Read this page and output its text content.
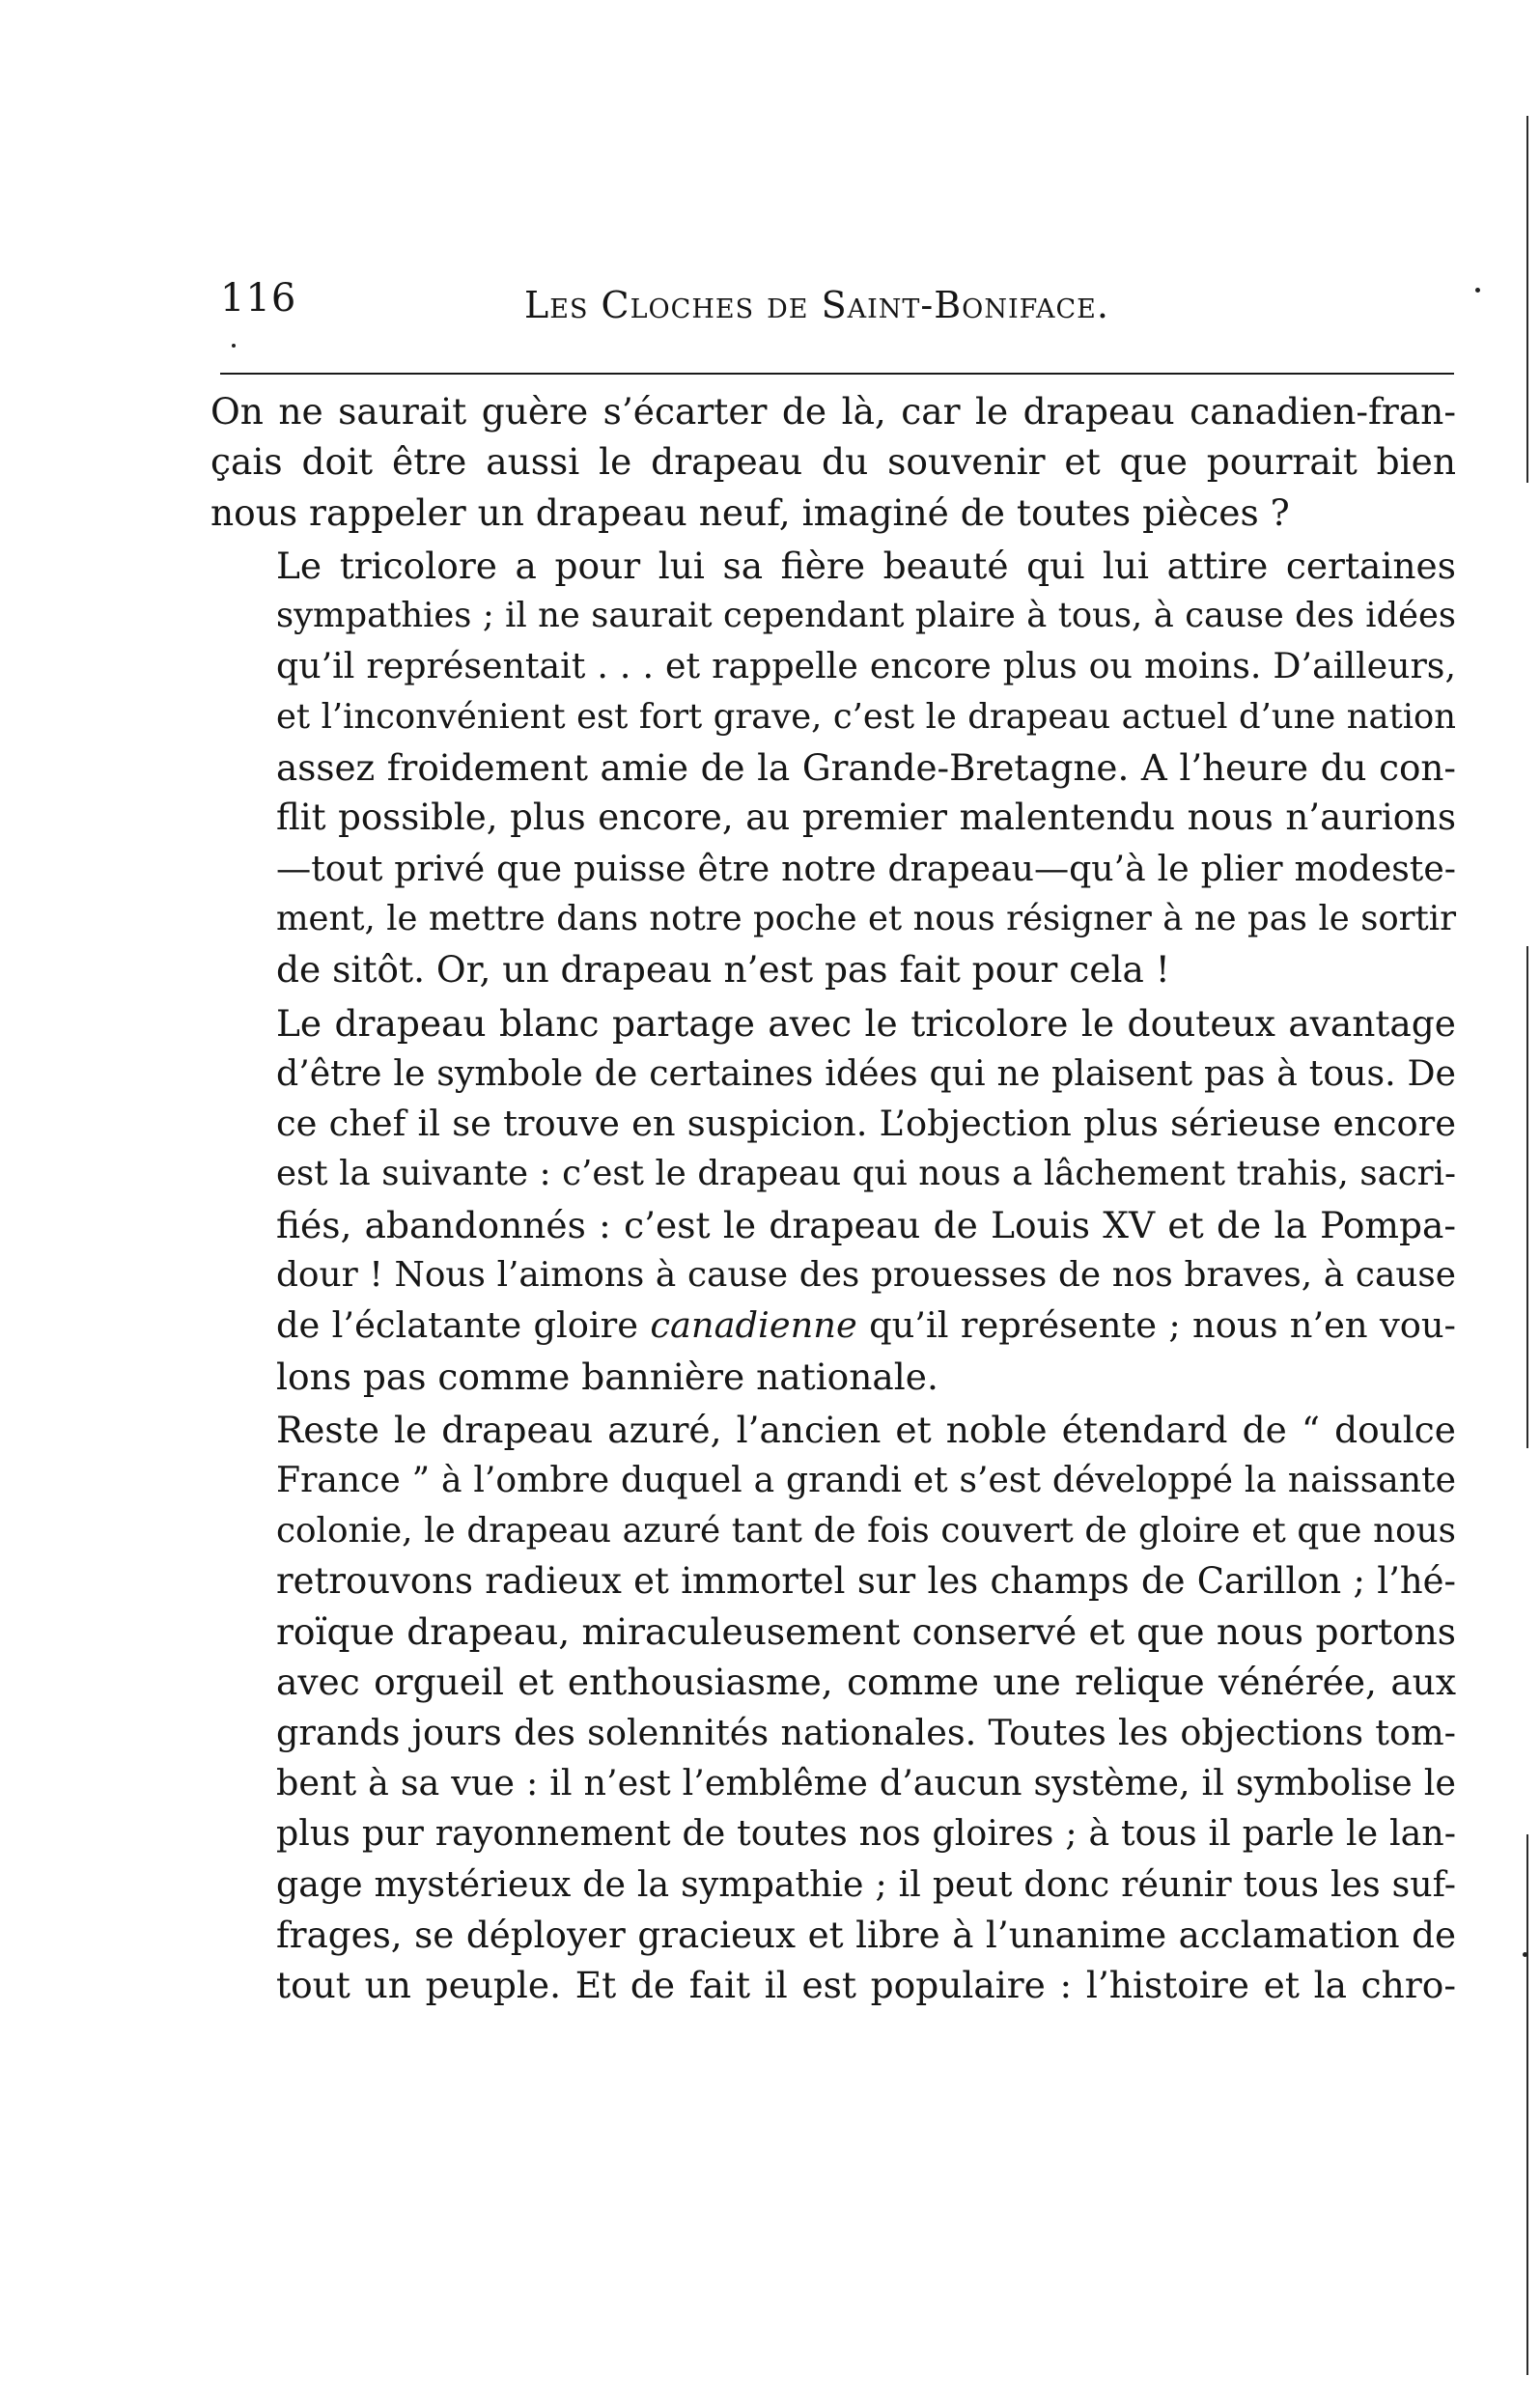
116	Les Cloches de Saint-Boniface.
On ne saurait guère s’écarter de là, car le drapeau canadien-fran-
çais doit être aussi le drapeau du souvenir et que pourrait bien
nous rappeler un drapeau neuf, imaginé de toutes pièces ?
Le tricolore a pour lui sa fière beauté qui lui attire certaines
sympathies ; il ne saurait cependant plaire à tous, à cause des idées
qu’il représentait . . . et rappelle encore plus ou moins. D’ailleurs,
et l’inconvénient est fort grave, c’est le drapeau actuel d’une nation
assez froidement amie de la Grande-Bretagne. A l’heure du con-
flit possible, plus encore, au premier malentendu nous n’aurions
—tout privé que puisse être notre drapeau—qu’à le plier modeste-
ment, le mettre dans notre poche et nous résigner à ne pas le sortir
de sitôt. Or, un drapeau n’est pas fait pour cela !
Le drapeau blanc partage avec le tricolore le douteux avantage
d’être le symbole de certaines idées qui ne plaisent pas à tous. De
ce chef il se trouve en suspicion. L’objection plus sérieuse encore
est la suivante : c’est le drapeau qui nous a lâchement trahis, sacri-
fiés, abandonnés : c’est le drapeau de Louis XV et de la Pompa-
dour ! Nous l’aimons à cause des prouesses de nos braves, à cause
de l’éclatante gloire canadienne qu’il représente ; nous n’en vou-
lons pas comme bannière nationale.
Reste le drapeau azuré, l’ancien et noble étendard de “ doulce
France ” à l’ombre duquel a grandi et s’est développé la naissante
colonie, le drapeau azuré tant de fois couvert de gloire et que nous
retrouvons radieux et immortel sur les champs de Carillon ; l’hé-
roïque drapeau, miraculeusement conservé et que nous portons
avec orgueil et enthousiasme, comme une relique vénérée, aux
grands jours des solennités nationales. Toutes les objections tom-
bent à sa vue : il n’est l’emblême d’aucun système, il symbolise le
plus pur rayonnement de toutes nos gloires ; à tous il parle le lan-
gage mystérieux de la sympathie ; il peut donc réunir tous les suf-
frages, se déployer gracieux et libre à l’unanime acclamation de
tout un peuple. Et de fait il est populaire : l’histoire et la chro-
